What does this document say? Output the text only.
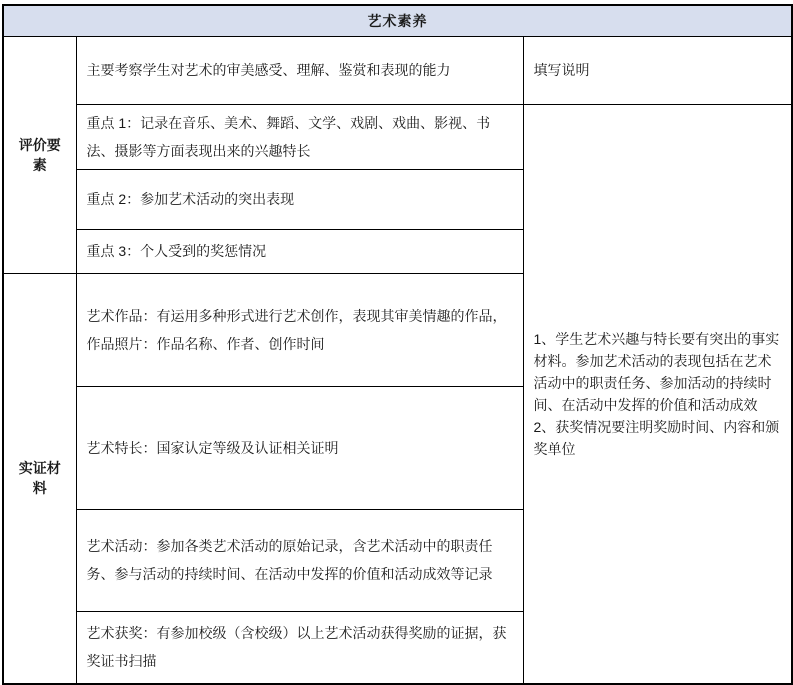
艺术素养		
评价要素	主要考察学生对艺术的审美感受、理解、鉴赏和表现的能力	填写说明
	重点 1：记录在音乐、美术、舞蹈、文学、戏剧、戏曲、影视、书法、摄影等方面表现出来的兴趣特长	1、学生艺术兴趣与特长要有突出的事实材料。参加艺术活动的表现包括在艺术活动中的职责任务、参加活动的持续时间、在活动中发挥的价值和活动成效 2、获奖情况要注明奖励时间、内容和颁奖单位
	重点 2：参加艺术活动的突出表现	
	重点 3：个人受到的奖惩情况	
实证材料	艺术作品：有运用多种形式进行艺术创作，表现其审美情趣的作品，作品照片：作品名称、作者、创作时间	
	艺术特长：国家认定等级及认证相关证明	
	艺术活动：参加各类艺术活动的原始记录，含艺术活动中的职责任务、参与活动的持续时间、在活动中发挥的价值和活动成效等记录	
	艺术获奖：有参加校级（含校级）以上艺术活动获得奖励的证据，获奖证书扫描	
